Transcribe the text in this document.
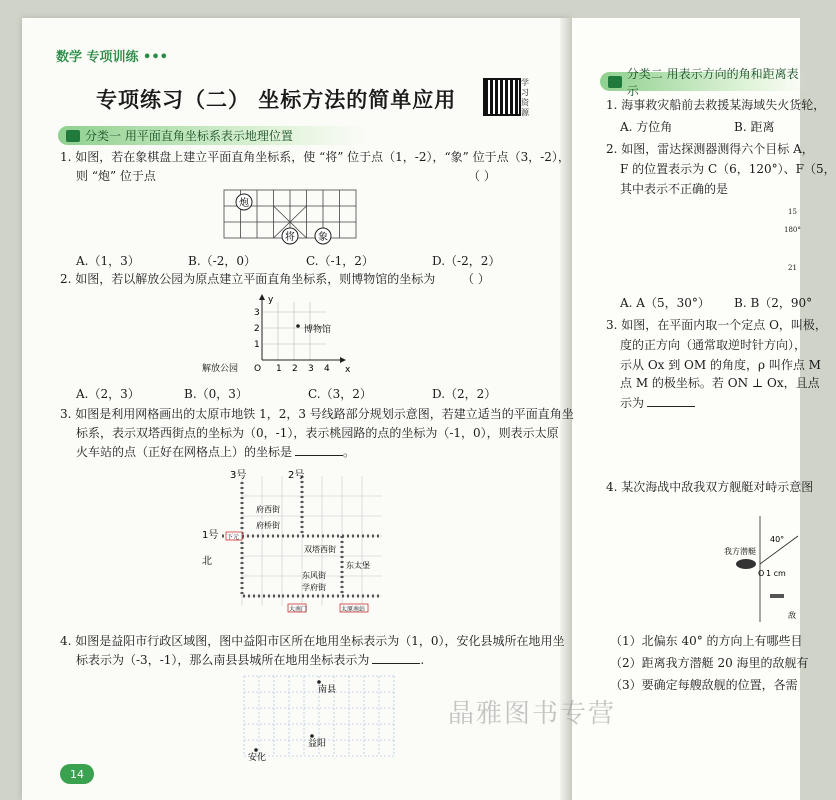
数学 专项训练 •••
专项练习（二） 坐标方法的简单应用
学习资源
分类一 用平面直角坐标系表示地理位置
1. 如图，若在象棋盘上建立平面直角坐标系，使 “将” 位于点（1，-2），“象” 位于点（3，-2），
则 “炮” 位于点	（ ）
炮
将 象
A.（1，3）	B.（-2，0）	C.（-1，2）	D.（-2，2）
2. 如图，若以解放公园为原点建立平面直角坐标系，则博物馆的坐标为 （ ）
y
x
O
解放公园	1 2 3 4
1
2
3
博物馆
A.（2，3）	B.（0，3）	C.（3，2）	D.（2，2）
3. 如图是利用网格画出的太原市地铁 1，2，3 号线路部分规划示意图，若建立适当的平面直角坐
标系，表示双塔西街点的坐标为（0，-1），表示桃园路的点的坐标为（-1，0），则表示太原
火车站的点（正好在网格点上）的坐标是	。
3号	2号
1号
北
府西街
府桥街
双塔西街
东太堡
东风街
学府街
大南门	太原南站
下元
4. 如图是益阳市行政区域图，图中益阳市区所在地用坐标表示为（1，0），安化县城所在地用坐
标表示为（-3，-1），那么南县县城所在地用坐标表示为	.
南县
益阳
安化
14
分类二 用表示方向的角和距离表示
1. 海事救灾船前去救援某海域失火货轮，
A. 方位角	B. 距离
2. 如图，雷达探测器测得六个目标 A，
F 的位置表示为 C（6，120°）、F（5，
其中表示不正确的是
15
180°
21
A. A（5，30°） B. B（2，90°
3. 如图，在平面内取一个定点 O，叫极，
度的正方向（通常取逆时针方向），
示从 Ox 到 OM 的角度，ρ 叫作点 M
点 M 的极坐标。若 ON ⊥ Ox，且点
示为
4. 某次海战中敌我双方舰艇对峙示意图
我方潜艇
40°
O 1 cm
敌
（1）北偏东 40° 的方向上有哪些目
（2）距离我方潜艇 20 海里的敌舰有
（3）要确定每艘敌舰的位置，各需
晶雅图书专营
